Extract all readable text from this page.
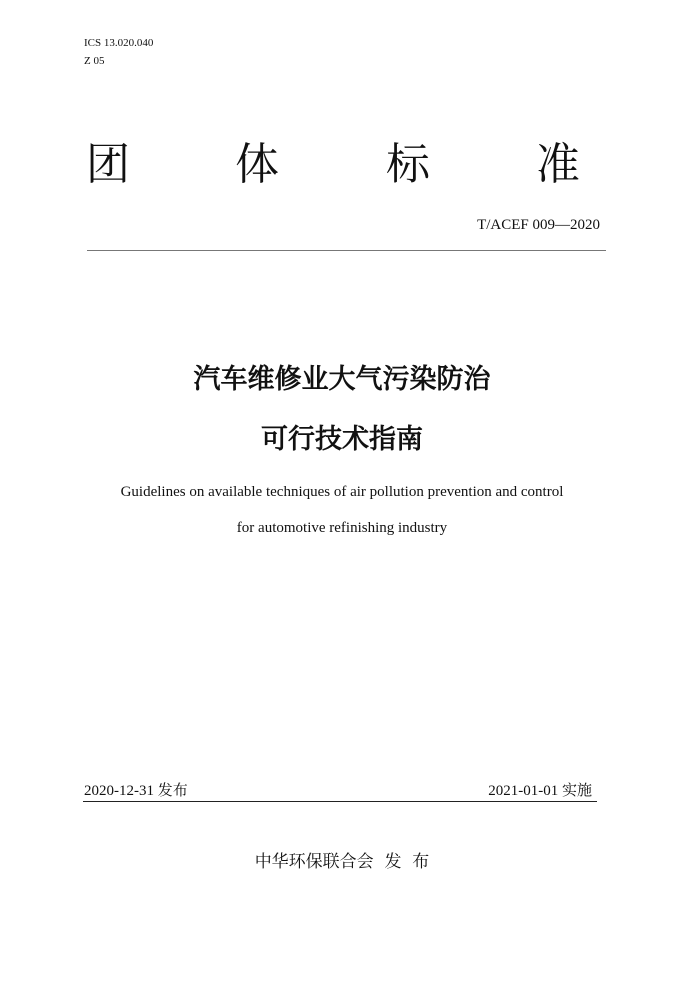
ICS 13.020.040
Z 05
团 体 标 准
T/ACEF 009—2020
汽车维修业大气污染防治
可行技术指南
Guidelines on available techniques of air pollution prevention and control
for automotive refinishing industry
2020-12-31 发布	2021-01-01 实施
中华环保联合会  发  布
